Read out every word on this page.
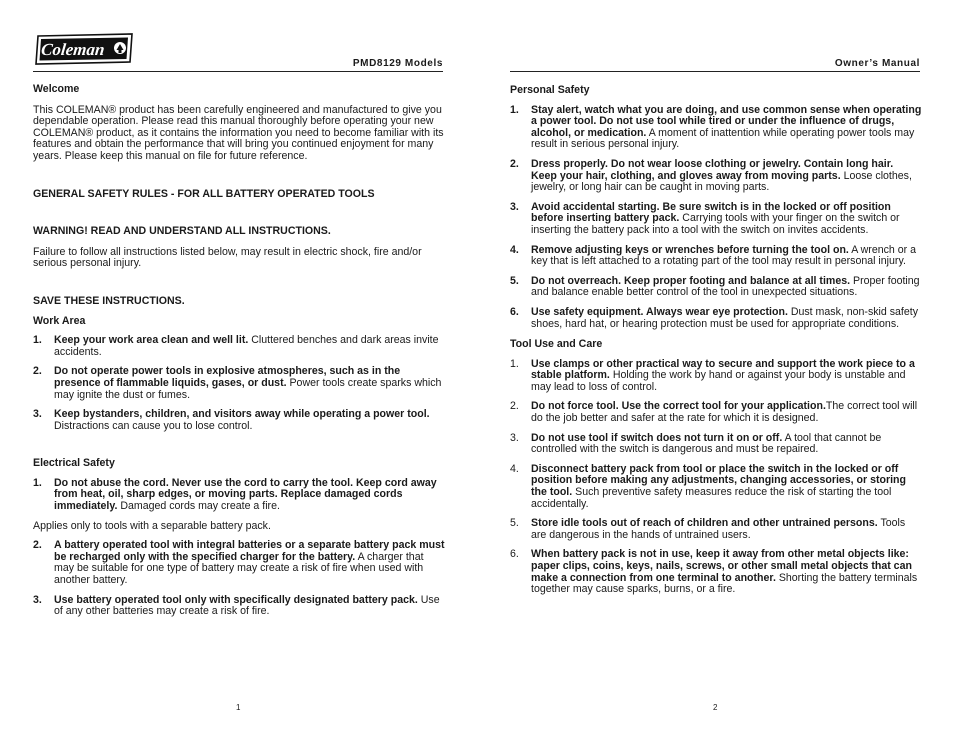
Coleman
PMD8129 Models

Welcome

This COLEMAN® product has been carefully engineered and manufactured to give you dependable operation. Please read this manual thoroughly before operating your new COLEMAN® product, as it contains the information you need to become familiar with its features and obtain the performance that will bring you continued enjoyment for many years. Please keep this manual on file for future reference.

GENERAL SAFETY RULES - FOR ALL BATTERY OPERATED TOOLS

WARNING! READ AND UNDERSTAND ALL INSTRUCTIONS.

Failure to follow all instructions listed below, may result in electric shock, fire and/or serious personal injury.

SAVE THESE INSTRUCTIONS.

Work Area

1. Keep your work area clean and well lit. Cluttered benches and dark areas invite accidents.
2. Do not operate power tools in explosive atmospheres, such as in the presence of flammable liquids, gases, or dust. Power tools create sparks which may ignite the dust or fumes.
3. Keep bystanders, children, and visitors away while operating a power tool. Distractions can cause you to lose control.

Electrical Safety

1. Do not abuse the cord. Never use the cord to carry the tool. Keep cord away from heat, oil, sharp edges, or moving parts. Replace damaged cords immediately. Damaged cords may create a fire.

Applies only to tools with a separable battery pack.

2. A battery operated tool with integral batteries or a separate battery pack must be recharged only with the specified charger for the battery. A charger that may be suitable for one type of battery may create a risk of fire when used with another battery.
3. Use battery operated tool only with specifically designated battery pack. Use of any other batteries may create a risk of fire.
1	2
Owner’s Manual

Personal Safety

1. Stay alert, watch what you are doing, and use common sense when operating a power tool. Do not use tool while tired or under the influence of drugs, alcohol, or medication. A moment of inattention while operating power tools may result in serious personal injury.
2. Dress properly. Do not wear loose clothing or jewelry. Contain long hair. Keep your hair, clothing, and gloves away from moving parts. Loose clothes, jewelry, or long hair can be caught in moving parts.
3. Avoid accidental starting. Be sure switch is in the locked or off position before inserting battery pack. Carrying tools with your finger on the switch or inserting the battery pack into a tool with the switch on invites accidents.
4. Remove adjusting keys or wrenches before turning the tool on. A wrench or a key that is left attached to a rotating part of the tool may result in personal injury.
5. Do not overreach. Keep proper footing and balance at all times. Proper footing and balance enable better control of the tool in unexpected situations.
6. Use safety equipment. Always wear eye protection. Dust mask, non-skid safety shoes, hard hat, or hearing protection must be used for appropriate conditions.

Tool Use and Care

1. Use clamps or other practical way to secure and support the work piece to a stable platform. Holding the work by hand or against your body is unstable and may lead to loss of control.
2. Do not force tool. Use the correct tool for your application.The correct tool will do the job better and safer at the rate for which it is designed.
3. Do not use tool if switch does not turn it on or off. A tool that cannot be controlled with the switch is dangerous and must be repaired.
4. Disconnect battery pack from tool or place the switch in the locked or off position before making any adjustments, changing accessories, or storing the tool. Such preventive safety measures reduce the risk of starting the tool accidentally.
5. Store idle tools out of reach of children and other untrained persons. Tools are dangerous in the hands of untrained users.
6. When battery pack is not in use, keep it away from other metal objects like: paper clips, coins, keys, nails, screws, or other small metal objects that can make a connection from one terminal to another. Shorting the battery terminals together may cause sparks, burns, or a fire.
